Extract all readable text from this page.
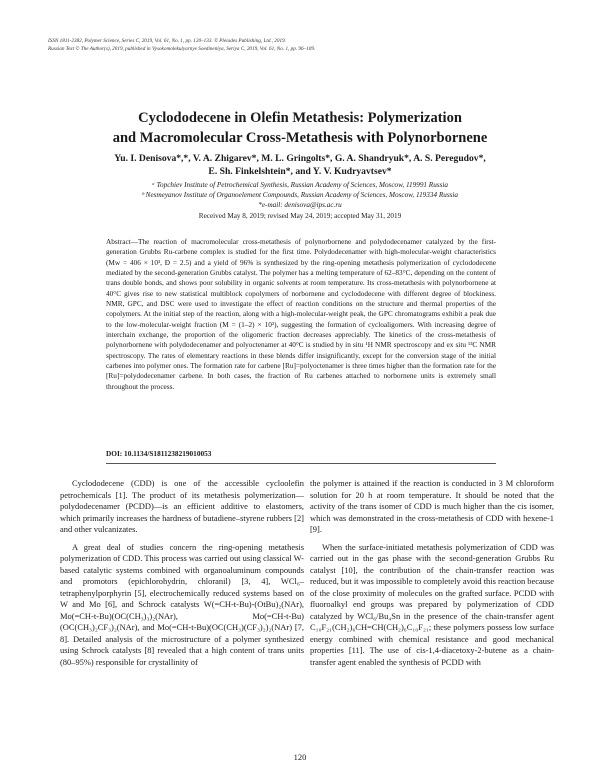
ISSN 1811-2382, Polymer Science, Series C, 2019, Vol. 61, No. 1, pp. 120–133. © Pleiades Publishing, Ltd., 2019.
Russian Text © The Author(s), 2019, published in Vysokomolekulyarnye Soedineniya, Seriya C, 2019, Vol. 61, No. 1, pp. 96–109.
Cyclododecene in Olefin Metathesis: Polymerization
and Macromolecular Cross-Metathesis with Polynorbornene
Yu. I. Denisova*,*, V. A. Zhigarev*, M. L. Gringolts*, G. A. Shandryuk*, A. S. Peregudov*,
E. Sh. Finkelshtein*, and Y. V. Kudryavtsev*
ᵃ Topchiev Institute of Petrochemical Synthesis, Russian Academy of Sciences, Moscow, 119991 Russia
ᵇ Nesmeyanov Institute of Organoelement Compounds, Russian Academy of Sciences, Moscow, 119334 Russia
*e-mail: denisova@ips.ac.ru
Received May 8, 2019; revised May 24, 2019; accepted May 31, 2019
Abstract—The reaction of macromolecular cross-metathesis of polynorbornene and polydodecenamer catalyzed by the first-generation Grubbs Ru-carbene complex is studied for the first time. Polydodecenamer with high-molecular-weight characteristics (Mw = 406 × 10³, Đ = 2.5) and a yield of 96% is synthesized by the ring-opening metathesis polymerization of cyclododecene mediated by the second-generation Grubbs catalyst. The polymer has a melting temperature of 62–83°C, depending on the content of trans double bonds, and shows poor solubility in organic solvents at room temperature. Its cross-metathesis with polynorbornene at 40°C gives rise to new statistical multiblock copolymers of norbornene and cyclododecene with different degree of blockiness. NMR, GPC, and DSC were used to investigate the effect of reaction conditions on the structure and thermal properties of the copolymers. At the initial step of the reaction, along with a high-molecular-weight peak, the GPC chromatograms exhibit a peak due to the low-molecular-weight fraction (M = (1–2) × 10³), suggesting the formation of cycloaligomers. With increasing degree of interchain exchange, the proportion of the oligomeric fraction decreases appreciably. The kinetics of the cross-metathesis of polynorbornene with polydodecenamer and polyoctenamer at 40°C is studied by in situ ¹H NMR spectroscopy and ex situ ¹³C NMR spectroscopy. The rates of elementary reactions in these blends differ insignificantly, except for the conversion stage of the initial carbenes into polymer ones. The formation rate for carbene [Ru]=polyoctenamer is three times higher than the formation rate for the [Ru]=polydodecenamer carbene. In both cases, the fraction of Ru carbenes attached to norbornene units is extremely small throughout the process.
DOI: 10.1134/S1811238219010053

Cyclododecene (CDD) is one of the accessible cycloolefin petrochemicals [1]. The product of its metathesis polymerization—polydodecenamer (PCDD)—is an efficient additive to elastomers, which primarily increases the hardness of butadiene–styrene rubbers [2] and other vulcanizates.

A great deal of studies concern the ring-opening metathesis polymerization of CDD. This process was carried out using classical W-based catalytic systems combined with organoaluminum compounds and promotors (epichlorohydrin, chloranil) [3, 4], WCl₆–tetraphenylporphyrin [5], electrochemically reduced systems based on W and Mo [6], and Schrock catalysts W(=CH-t-Bu)-(OtBu)₂(NAr), Mo(=CH-t-Bu)(OC(CH₃)₃)₂(NAr), Mo(=CH-t-Bu) (OC(CH₃)₂CF₃)₂(NAr), and Mo(=CH-t-Bu)(OC(CH₃)(CF₃)₂)₂(NAr) [7, 8]. Detailed analysis of the microstructure of a polymer synthesized using Schrock catalysts [8] revealed that a high content of trans units (80–95%) responsible for crystallinity of

the polymer is attained if the reaction is conducted in 3 M chloroform solution for 20 h at room temperature. It should be noted that the activity of the trans isomer of CDD is much higher than the cis isomer, which was demonstrated in the cross-metathesis of CDD with hexene-1 [9].

When the surface-initiated metathesis polymerization of CDD was carried out in the gas phase with the second-generation Grubbs Ru catalyst [10], the contribution of the chain-transfer reaction was reduced, but it was impossible to completely avoid this reaction because of the close proximity of molecules on the grafted surface. PCDD with fluoroalkyl end groups was prepared by polymerization of CDD catalyzed by WCl₆/Bu₄Sn in the presence of the chain-transfer agent C₁₀F₂₁(CH₂)₆CH=CH(CH₂)₆C₁₀F₂₁; these polymers possess low surface energy combined with chemical resistance and good mechanical properties [11]. The use of cis-1,4-diacetoxy-2-butene as a chain-transfer agent enabled the synthesis of PCDD with

120
